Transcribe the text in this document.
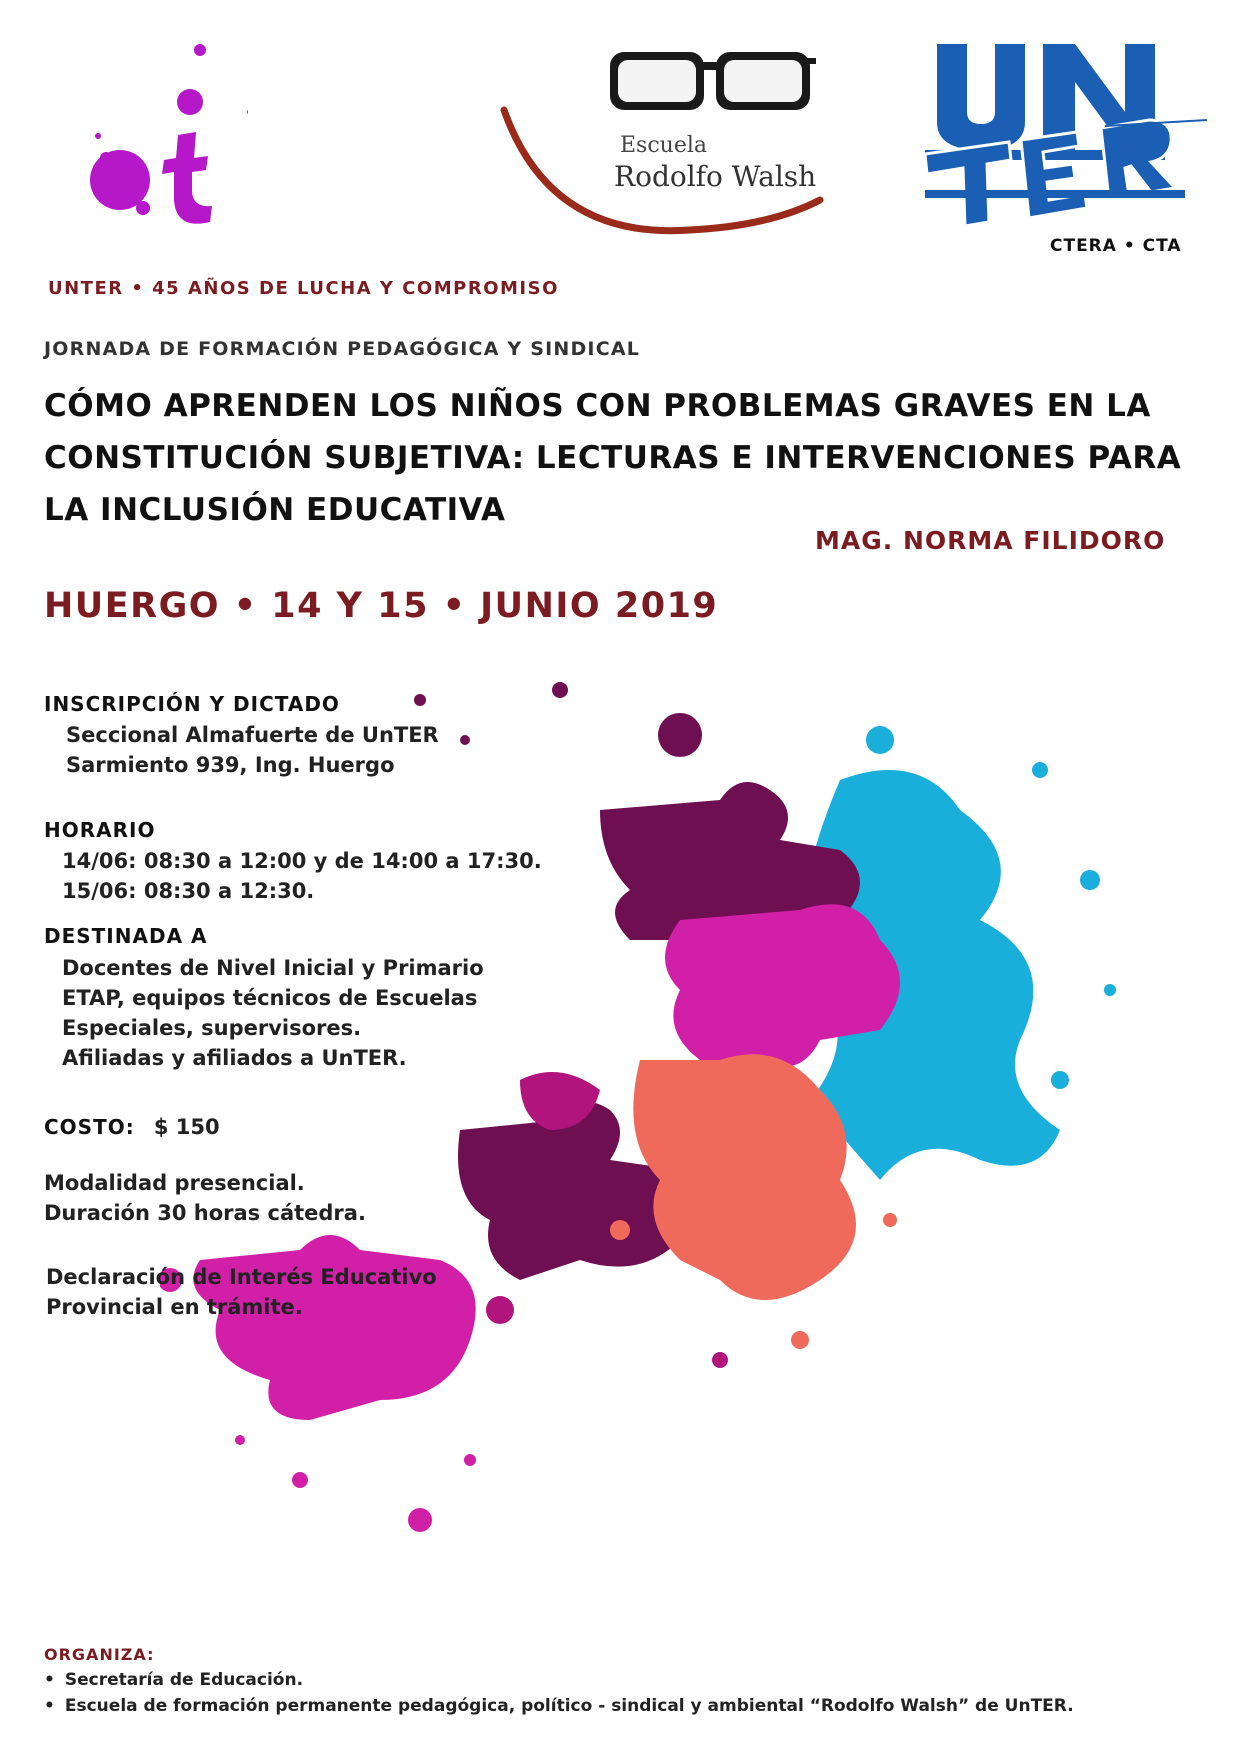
Escuela
Rodolfo Walsh
CTERA • CTA
UNTER • 45 AÑOS DE LUCHA Y COMPROMISO
JORNADA DE FORMACIÓN PEDAGÓGICA Y SINDICAL
CÓMO APRENDEN LOS NIÑOS CON PROBLEMAS GRAVES EN LA
CONSTITUCIÓN SUBJETIVA: LECTURAS E INTERVENCIONES PARA
LA INCLUSIÓN EDUCATIVA
MAG. NORMA FILIDORO
HUERGO • 14 Y 15 • JUNIO 2019
INSCRIPCIÓN Y DICTADO
Seccional Almafuerte de UnTER
Sarmiento 939, Ing. Huergo
HORARIO
14/06: 08:30 a 12:00 y de 14:00 a 17:30.
15/06: 08:30 a 12:30.
DESTINADA A
Docentes de Nivel Inicial y Primario
ETAP, equipos técnicos de Escuelas
Especiales, supervisores.
Afiliadas y afiliados a UnTER.
COSTO: $ 150
Modalidad presencial.
Duración 30 horas cátedra.
Declaración de Interés Educativo
Provincial en trámite.
ORGANIZA:
• Secretaría de Educación.
• Escuela de formación permanente pedagógica, político - sindical y ambiental “Rodolfo Walsh” de UnTER.
